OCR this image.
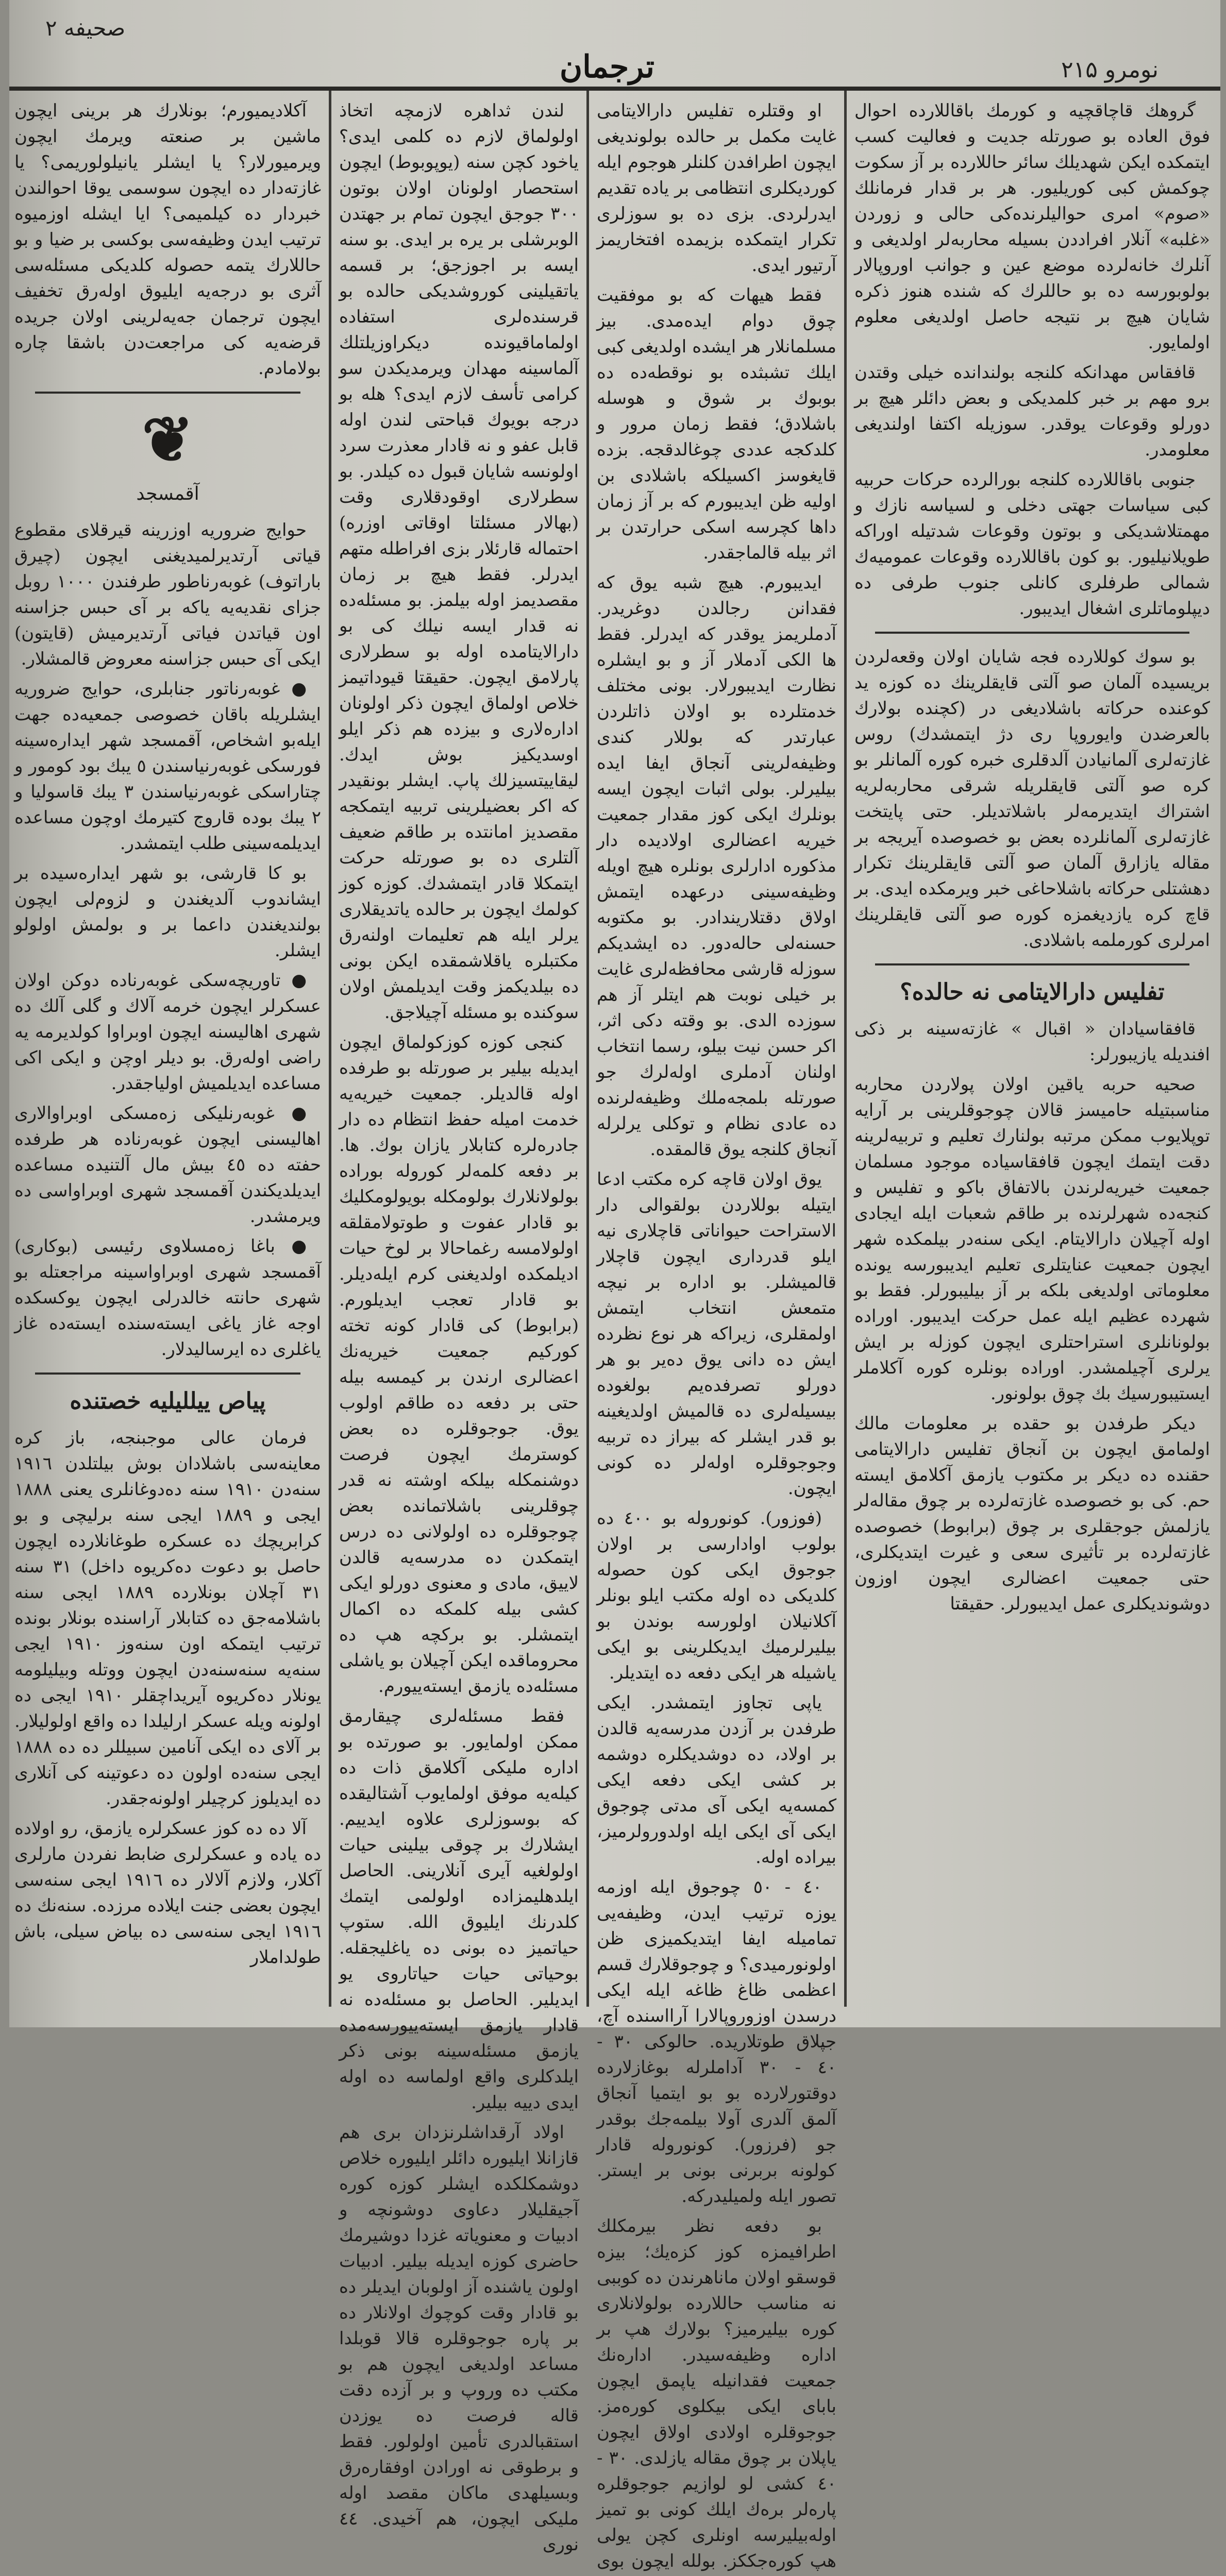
نومرو ۲۱۵
ترجمان
صحیفه ۲

گروهك قاچاقچیه و كورمك باقاللارده احوال فوق العاده بو صورتله جدیت و فعالیت كسب ایتمكده ایكن شهدیلك سائر حاللارده بر آز سكوت چوكمش كبی كوریلیور. هر بر قدار فرمانلك «صوم» امری حواليلرنده‌كی حالی و زوردن «غلبه» آنلار افراددن بسیله محاربه‌لر اولدیغی و آنلرك خانه‌لرده موضع عین و جوانب اوروپالار بولوبورسه ده بو حاللرك كه شنده هنوز ذكره شایان هیچ بر نتیجه حاصل اولدیغی معلوم اولمایور.

قافقاس مهدانكه كلنجه بولندانده خیلی وقتدن برو مهم بر خبر كلمدیكی و بعض دائلر هیچ بر دورلو وقوعات یوقدر. سوزیله اكتفا اولندیغی معلومدر.

جنوبی باقاللارده كلنجه بورالرده حركات حربیه كبی سیاسات جهتی دخلی و لسیاسه نازك و مهمتلاشدیكی و بوتون وقوعات شدتیله اوراكه طویلانیلیور. بو كون باقاللارده وقوعات عمومیه‌ك شمالی طرفلری كانلی جنوب طرفی ده دیپلوماتلری اشغال ایدیبور.

بو سوك كوللارده فجه شایان اولان وقعه‌لردن بریسیده آلمان صو آلتی قایقلرینك ده كوزه ید كوعنده حركاته باشلادیغی در (كچنده بولارك بالعرضدن وایوروپا ری دژ ایتمشدك) روس غازته‌لری آلمانیادن آلدقلری خبره كوره آلمانلر بو كره صو آلتی قایقلریله شرقی محاربه‌لریه اشتراك ایتدیرمه‌لر باشلاتدیلر. حتی پایتخت غازته‌لری آلمانلرده بعض بو خصوصده آیریجه بر مقاله یازارق آلمان صو آلتی قایقلرینك تكرار دهشتلی حركاته باشلاحاغی خبر ویرمكده ایدی. بر قاچ كره یازدیغمزه كوره صو آلتی قایقلرینك امرلری كورملمه باشلادی.

تفلیس دارالایتامی نه حالده؟

قافقاسیادان « اقبال » غازته‌سینه بر ذكی افندیله یازیبورلر:

صحیه حربه یاقین اولان پولاردن محاربه مناسبتیله حامیسز قالان چوجوقلرینی بر آرایه توپلایوب ممكن مرتبه بولنارك تعلیم و تربیه‌لرینه دقت ایتمك ایچون قافقاسیاده موجود مسلمان جمعیت خیریه‌لرندن بالاتفاق باكو و تفلیس و كنجه‌ده شهرلرنده بر طاقم شعبات ایله ایجادی اوله آچیلان دارالایتام. ایكی سنه‌در بیلمكده شهر ایچون جمعیت عنایتلری تعلیم ایدیبورسه یونده معلوماتی اولدیغی بلكه بر آز بیلیبورلر. فقط بو شهرده عظیم ایله عمل حركت ایدیبور. اوراده بولونانلری استراحتلری ایچون كوزله بر ایش یرلری آچیلمشدر. اوراده بونلره كوره آكلاملر ایستیبورسیك بك چوق بولونور.

دیكر طرفدن بو حقده بر معلومات مالك اولمامق ایچون بن آنجاق تفلیس دارالایتامی حقنده ده دیكر بر مكتوب یازمق آكلامق ایسته حم. كی بو خصوصده غازته‌لرده بر چوق مقاله‌لر یازلمش جوجقلری بر چوق (برابوط) خصوصده غازته‌لرده بر تأثیری سعی و غیرت ایتدیكلری، حتی جمعیت اعضالری ایچون اوزون دوشوندیكلری عمل ایدیبورلر. حقیقتا

او وقتلره تفلیس دارالایتامی غایت مكمل بر حالده بولوندیغی ایچون اطرافدن كلنلر هوجوم ایله كوردیكلری انتظامی بر یاده تقدیم ایدرلردی. بزی ده بو سوزلری تكرار ایتمكده بزیمده افتخاریمز آرتیور ایدی.

فقط هیهات كه بو موفقیت چوق دوام ایده‌مدی. بیز مسلمانلار هر ایشده اولدیغی كبی ایلك تشبثده بو نوقطه‌ده ده بوبوك بر شوق و هوسله باشلادق؛ فقط زمان مرور و كلدكجه عددی چوغالدقجه. بزده قایغوسز اكسیلكه باشلادی بن اولیه ظن ایدیبورم كه بر آز زمان داها كچرسه اسكی حرارتدن بر اثر بیله قالماجقدر.

ایدیبورم. هیچ شبه یوق كه فقدانن رجالدن دوغریدر. آدملریمز یوقدر كه ایدرلر. فقط ها الكی آدملار آز و بو ایشلره نظارت ایدیبورلار. بونی مختلف خدمتلرده بو اولان ذاتلردن عبارتدر كه بوللار كندی وظیفه‌لرینی آنجاق ایفا ایده بیلیرلر. بولی اثبات ایچون ایسه بونلرك ایكی كوز مقدار جمعیت خیریه اعضالری اولادیده دار مذكوره ادارلری بونلره هیچ اویله وظیفه‌سینی درعهده ایتمش اولاق دقتلاریندادر. بو مكتوبه حسنه‌لی حاله‌دور. ده ایشدیكم سوز‌له قارشی محافظه‌لری غایت بر خیلی نوبت هم ایتلر آز هم سوزده الدی. بو وقته دكی اثر، اكر حسن نیت بیلو، رسما انتخاب اولنان آدملری اوله‌لرك جو صورتله بلمجه‌ملك وظیفه‌لرنده ده عادی نظام و توكلی یرلرله آنجاق كلنجه یوق قالمقده.

یوق اولان قاچه كره مكتب ادعا ایتیله بوللاردن بولقوالی دار الاستراحت حیواناتی قاچلاری نیه ایلو قدرداری ایچون قاچلار قالمیشلر. بو اداره بر نیچه متمعش انتخاب ایتمش اولمقلری، زیراكه هر نوع نظرده ایش ده دانی یوق ده‌یر بو هر دورلو تصرفده‌یم بولغوده بیسیله‌لری ده قالمیش اولدیغینه بو قدر ایشلر كه بیراز ده تربیه وجوجوقلره اوله‌لر ده كونی ایچون.

(فوزور). كونوروله بو ٤٠٠ ده بولوب اوادارسی بر اولان جوجوق ایكی كون حصوله كلدیكی ده اوله مكتب ایلو بونلر آكلانیلان اولورسه بوندن بو بیلیرلرمیك ایدیكلرینی بو ایكی یاشیله هر ایكی دفعه ده ایتدیلر.

یاپی تجاوز ایتمشدر. ایكی طرفدن بر آزدن مدرسه‌یه قالدن بر اولاد، ده دوشدیكلره دوشمه بر كشی ایكی دفعه ایكی كمسه‌یه ایكی آی مدتی چوجوق ایكی آی ایكی ایله اولدورولرمیز، بیراده اوله.

٤٠ - ٥٠ چوجوق ایله اوزمه یوزه ترتیب ایدن، وظیفه‌یی تمامیله ایفا ایتدیكمیزی ظن اولونورمیدی؟ و چوجوقلارك قسم اعظمی ظاغ ظاغه ایله ایكی درسدن اوزوروپالارا آرااسنده آچ، جپلاق طوتلاریده. حالوكی ٣٠ - ٤٠ - ٣٠ آداملرله بوغازلارده دوقتورلارده بو بو ایتمیا آنجاق آلمق آلدری آولا بیلمه‌جك بوقدر جو (فرزور). كونوروله قادار كولونه بربرنی بونی بر ایستر. تصور ایله ولمیلیدركه.

بو دفعه نظر بیرمكلك اطرافیمزه كوز كزه‌یك؛ بیزه قوسقو اولان ماناهرندن ده كوببی نه مناسب حاللارده بولولانلاری كوره بیلیرمیز؟ بولارك هپ بر اداره وظیفه‌سیدر. اداره‌نك جمعیت فقدانیله یاپمق ایچون بابای ایكی بیكلوی كوره‌مز. جوجوقلره اولادی اولاق ایچون یاپلان بر چوق مقاله یازلدی. ٣٠ - ٤٠ كشی لو لوازیم جوجوقلره پاره‌لر بره‌ك ایلك كونی بو تمیز اوله‌بیلیرسه اونلری كچن یولی هپ كوره‌جككز. بولله ایچون بوی

لندن ثداهره لازمچه اتخاذ اولولماق لازم ده كلمی ایدی؟ یاخود كچن سنه (یوپوبوط) ایچون استحصار اولونان اولان بوتون ٣٠٠ جوجق ایچون تمام بر جهتدن الوبرشلی بر یره بر ایدی. بو سنه ایسه بر اجوزجق؛ بر قسمه یاتقیلینی كوروشدیكی حالده بو قرسنده‌لری استفاده اولماماقیونده دیكراوزیلتلك آلماسینه مهدان ویرمدیكدن سو كرامی تأسف لازم ایدی؟ هله بو درجه بویوك قباحتی لندن اوله قابل عفو و نه قادار معذرت سرد اولونسه شایان قبول ده كیلدر. بو سطرلاری اوقودقلاری وقت (بهالار مسئلتا اوقاتی اوزره) احتماله قارئلار بزی افراطله متهم ایدرلر. فقط هیچ بر زمان مقصدیمز اوله بیلمز. بو مسئله‌ده نه قدار ایسه نیلك كی بو دارالایتامده اوله بو سطرلاری پارلامق ایچون. حقیقتا قیوداتیمز خلاص اولماق ایچون ذكر اولونان اداره‌لاری و بیزده هم ذكر ایلو اوسدیكیز بوش ایدك. لیقاییتسیزلك پاپ. ایشلر بونقیدر كه اكر بعضیلرینی تربیه ایتمكجه مقصدیز امانتده بر طاقم ضعیف آلتلری ده بو صورتله حركت ایتمكلا قادر ایتمشدك. كوزه كوز كولمك ایچون بر حالده یاتدیقلاری یرلر ایله هم تعلیمات اولنه‌رق مكتبلره یاقلاشمقده ایكن بونی ده بیلدیكمز وقت ایدیلمش اولان سوكنده بو مسئله آچیلاجق.

كنجی كوزه كوزكولماق ایچون ایدیله بیلیر بر صورتله بو طرفده اوله قالدیلر. جمعیت خیریه‌یه خدمت امیله حفظ انتظام ده دار جادره‌لره كتابلار یازان بوك. ها. بر دفعه كلمه‌لر كوروله بوراده بولولانلارك بولومكله بویولومكلیك بو قادار عفوت و طوتولامقلقه اولولامسه رغماحالا بر لوخ حیات ادیلمكده اولدیغنی كرم ایله‌دیلر. بو قادار تعجب ایدیلورم. (برابوط) كی قادار كونه تخته كوركیم جمعیت خیریه‌نك اعضالری ارندن بر كیمسه بیله حتی بر دفعه ده طاقم اولوب یوق. جوجوقلره ده بعض كوسترمك ایچون فرصت دوشنمكله بیلكه اوشته نه قدر چوقلرینی باشلاتمانده بعض چوجوقلره ده اولولانی ده درس ایتمكدن ده مدرسه‌یه قالدن لاییق، مادی و معنوی دورلو ایكی كشی بیله كلمكه ده اكمال ایتمشلر. بو بركچه هپ ده محروماقده ایكن آچیلان بو یاشلی مسئله‌ده یازمق ایسته‌ییورم.

فقط مسئله‌لری چیقارمق ممكن اولمایور. بو صورتده بو اداره ملیكی آكلامق ذات ده كیله‌یه موفق اولمایوب آشتالیقده كه بوسوزلری علاوه ایدییم. ایشلارك بر چوقی بیلینی حیات اولولغیه آیری آنلارینی. الحاصل ایلدهلیمزاده اولولمی ایتمك كلدرنك ایلیوق الله. ستوپ حیاتمیز ده بونی ده یاغلیجقله. بوحیاتی حیات حیاتاروی یو ایدیلیر. الحاصل بو مسئله‌ده نه قادار یازمق ایسته‌ییورسه‌مده یازمق مسئله‌سینه بونی ذكر ایلدكلری واقع اولماسه ده اوله ایدی دییه بیلیر.

اولاد آرقدا‌شلرنزدان بری هم قازانلا ایلیوره دائلر ایلیوره خلاص دوشمكلكده ایشلر كوزه كوره آجیقلیلار دعاوی دوشونچه و ادبیات و معنویاته غزدا دوشیرمك حاضری كوزه ایدیله بیلیر. ادبیات اولون یاشنده آز اولوبان ایدیلر ده بو قادار وقت كوچوك اولانلار ده بر پاره جوجوقلره قالا قوبلدا مساعد اولدیغی ایچون هم بو مكتب ده وروپ و بر آزده دقت قاله فرصت ده یوزدن استقبالدری تأمین اولولور. فقط و برطوقی نه اورادن اوفقاره‌رق وبسیلهدی ماكان مقصد اوله ملیكی ایچون، هم آخیدی. ٤٤ نوری

آكلادیمیورم؛ بونلارك هر برینی ایچون ماشین بر صنعته ویرمك ایچون ویرمیورلار؟ یا ایشلر یانیلولوریمی؟ یا غازته‌دار ده ایچون سوسمی یوقا احوالندن خبردار ده كیلمیمی؟ ایا ایشله اوزمیوه ترتیب ایدن وظیفه‌سی بوكسی بر ضیا و بو حاللارك یتمه حصوله كلدیكی مسئله‌سی آثری بو درجه‌یه ایلیوق اوله‌رق تخفیف ایچون ترجمان جه‌یه‌لرینی اولان جریده قرضه‌یه كی مراجعت‌دن باشقا چاره بولامادم.

❦
آقمسجد

حوایج ضروریه اوزرینه قیرقلای مقطوع قیاتی آرتدیرلمیدیغنی ایچون (چیرق باراتوف) غوبه‌رناطور طرفندن ١٠٠٠ روبل جزای نقدیه‌یه یاكه بر آی حبس جزاسنه اون قیاتدن فیاتی آرتدیرمیش (قایتون) ایكی آی حبس جزاسنه معروض قالمشلار.

● غوبه‌رناتور جنابلری، حوایج ضروریه ایشلریله باقان خصوصی جمعیه‌ده جهت ایله‌بو اشخاص، آقمسجد شهر ایداره‌سینه فورسكی غوبه‌رنیاسندن ٥ یبك بود كومور و چتاراسكی غوبه‌رنیاسندن ٣ یبك قاسولیا و ٢ یبك بوده قاروج كتیرمك اوچون مساعده ایدیلمه‌سینی طلب ایتمشدر.

بو كا قارشی، بو شهر ایداره‌سیده بر ایشاندوب آلدیغندن و لزوم‌لی ایچون بولندیغندن داعما بر و بولمش اولولو ایشلر.

● تاوریچه‌سكی غوبه‌رناده دوكن اولان عسكرلر ایچون خرمه آلاك و گلی آلك ده شهری اهالیسنه ایچون اوبراوا كولدیرمه یه راضی اوله‌رق. بو دیلر اوچن و ایكی اكی مساعده ایدیلمیش اولیاجقدر.

● غوبه‌رنلیكی زه‌مسكی اوبراوالاری اهالیسنی ایچون غوبه‌رناده هر طرفده حفته ده ٤٥ بیش مال آلتنیده مساعده ایدیلدیكندن آقمسجد شهری اوبراواسی ده ویرمشدر.

● باغا زه‌مسلاوی رئیسی (بوكاری) آقمسجد شهری اوبراواسینه مراجعتله بو شهری حانته خالدرلی ایچون یوكسكده اوجه غاز یاغی ایسته‌سنده ایسته‌ده غاز یاغلری ده ایرسالیدلار.

پیاص ییللیلیه خصتنده

فرمان عالی موجبنجه، باز كره معاینه‌سی باشلادان بوش بیلتلدن ١٩١٦ سنه‌دن ١٩١٠ سنه ده‌دوغانلری یعنی ١٨٨٨ ایجی و ١٨٨٩ ایجی سنه برلیچی و بو كرابریچك ده عسكره طوغانلارده ایچون حاصل بو دعوت ده‌كریوه داخل) ٣١ سنه ٣١ آچلان بونلارده ١٨٨٩ ایجی سنه باشلامه‌جق ده كتابلار آراسنده بونلار بونده ترتیب ایتمكه اون سنه‌وز ١٩١٠ ایجی سنه‌یه سنه‌سنه‌دن ایچون ووتله وبیلیلومه یونلار ده‌كریوه آیریداچقلر ١٩١٠ ایجی ده اولونه ویله عسكر ارلیلدا ده واقع اولولیلار. بر آلای ده ایكی آنامین سبیللر ده ده ١٨٨٨ ایجی سنه‌ده اولون ده دعوتینه كی آنلاری ده ایدیلوز كرچیلر اولونه‌جقدر.

آلا ده ده كوز عسكرلره یازمق، رو اولاده ده یاده و عسكرلری ضابط نفردن مارلری آكلار، ولازم آلالار ده ١٩١٦ ایجی سنه‌سی ایچون بعضی جنت ایلاده مرزده. سنه‌نك ده ١٩١٦ ایجی سنه‌سی ده بیاض سیلی، باش طولداملار
